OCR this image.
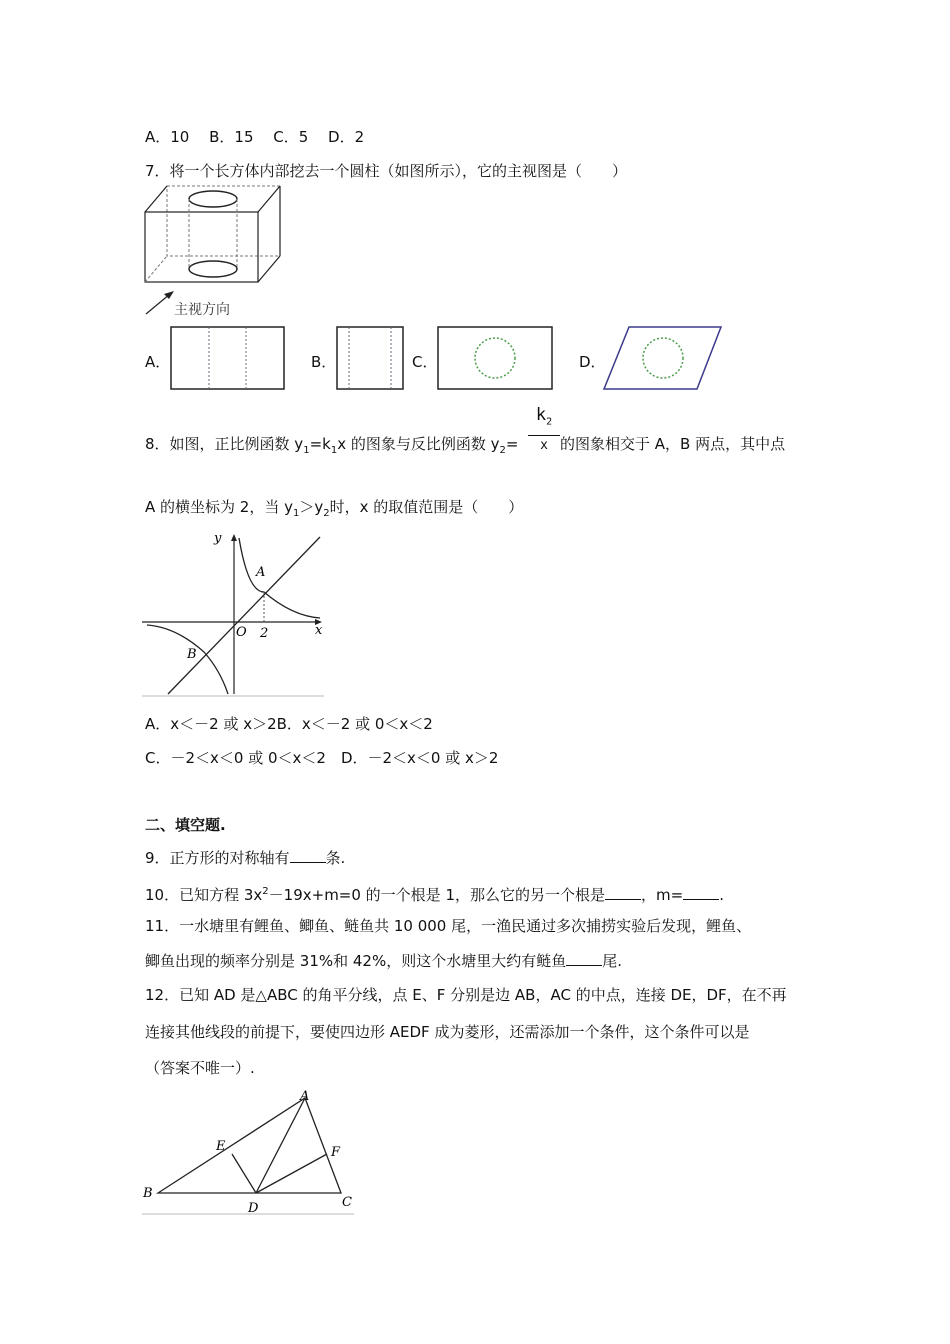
A．10　 B．15　 C．5　 D．2
7．将一个长方体内部挖去一个圆柱（如图所示），它的主视图是（　　）
主视方向
A．	B．	C．	D．
8．如图，正比例函数 $y_1=k_1x$ 的图象与反比例函数 $y_2=$
$k_2$
x 的图象相交于 A，B 两点，其中点
A 的横坐标为 2，当 $y_1>y_2$时，x 的取值范围是（　　）
y
x
O 2
A
B
A．x＜－2 或 x＞2B．x＜－2 或 0＜x＜2
C．－2＜x＜0 或 0＜x＜2　D．－2＜x＜0 或 x＞2
二、填空题.
9．正方形的对称轴有 条.
10．已知方程 $3x^2-19x+m=0$ 的一个根是 1，那么它的另一个根是 ，m= .
11．一水塘里有鲤鱼、鲫鱼、鲢鱼共 10 000 尾，一渔民通过多次捕捞实验后发现，鲤鱼、
鲫鱼出现的频率分别是 31%和 42%，则这个水塘里大约有鲢鱼 尾.
12．已知 AD 是△ABC 的角平分线，点 E、F 分别是边 AB，AC 的中点，连接 DE，DF，在不再
连接其他线段的前提下，要使四边形 AEDF 成为菱形，还需添加一个条件，这个条件可以是
（答案不唯一）.
A
B
C
D
E	F
